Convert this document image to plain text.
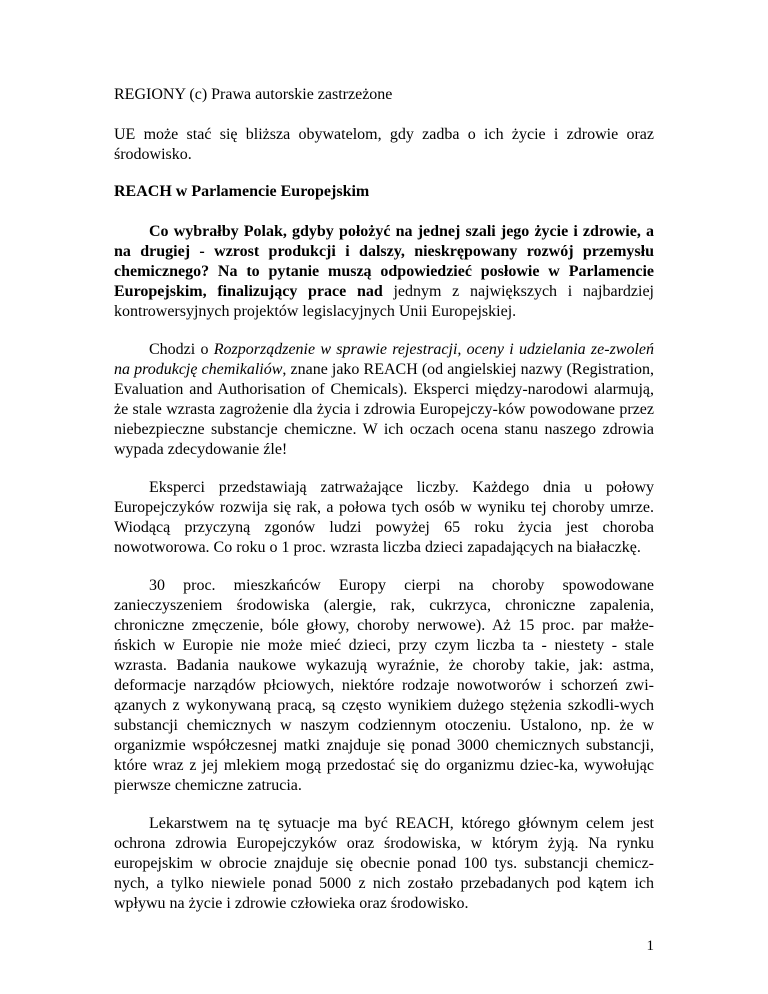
REGIONY (c) Prawa autorskie zastrzeżone

UE może stać się bliższa obywatelom, gdy zadba o ich życie i zdrowie oraz środowisko.

REACH w Parlamencie Europejskim

Co wybrałby Polak, gdyby położyć na jednej szali jego życie i zdrowie, a na drugiej - wzrost produkcji i dalszy, nieskrępowany rozwój przemysłu chemicznego? Na to pytanie muszą odpowiedzieć posłowie w Parlamencie Europejskim, finalizujący prace nad jednym z największych i najbardziej kontrowersyjnych projektów legislacyjnych Unii Europejskiej.

Chodzi o Rozporządzenie w sprawie rejestracji, oceny i udzielania ze-zwoleń na produkcję chemikaliów, znane jako REACH (od angielskiej nazwy (Registration, Evaluation and Authorisation of Chemicals). Eksperci między-narodowi alarmują, że stale wzrasta zagrożenie dla życia i zdrowia Europejczy-ków powodowane przez niebezpieczne substancje chemiczne. W ich oczach ocena stanu naszego zdrowia wypada zdecydowanie źle!

Eksperci przedstawiają zatrważające liczby. Każdego dnia u połowy Europejczyków rozwija się rak, a połowa tych osób w wyniku tej choroby umrze. Wiodącą przyczyną zgonów ludzi powyżej 65 roku życia jest choroba nowotworowa. Co roku o 1 proc. wzrasta liczba dzieci zapadających na białaczkę.

30 proc. mieszkańców Europy cierpi na choroby spowodowane zanieczyszeniem środowiska (alergie, rak, cukrzyca, chroniczne zapalenia, chroniczne zmęczenie, bóle głowy, choroby nerwowe). Aż 15 proc. par małże-ńskich w Europie nie może mieć dzieci, przy czym liczba ta - niestety - stale wzrasta. Badania naukowe wykazują wyraźnie, że choroby takie, jak: astma, deformacje narządów płciowych, niektóre rodzaje nowotworów i schorzeń zwi-ązanych z wykonywaną pracą, są często wynikiem dużego stężenia szkodli-wych substancji chemicznych w naszym codziennym otoczeniu. Ustalono, np. że w organizmie współczesnej matki znajduje się ponad 3000 chemicznych substancji, które wraz z jej mlekiem mogą przedostać się do organizmu dziec-ka, wywołując pierwsze chemiczne zatrucia.

Lekarstwem na tę sytuacje ma być REACH, którego głównym celem jest ochrona zdrowia Europejczyków oraz środowiska, w którym żyją. Na rynku europejskim w obrocie znajduje się obecnie ponad 100 tys. substancji chemicz-nych, a tylko niewiele ponad 5000 z nich zostało przebadanych pod kątem ich wpływu na życie i zdrowie człowieka oraz środowisko.

1
